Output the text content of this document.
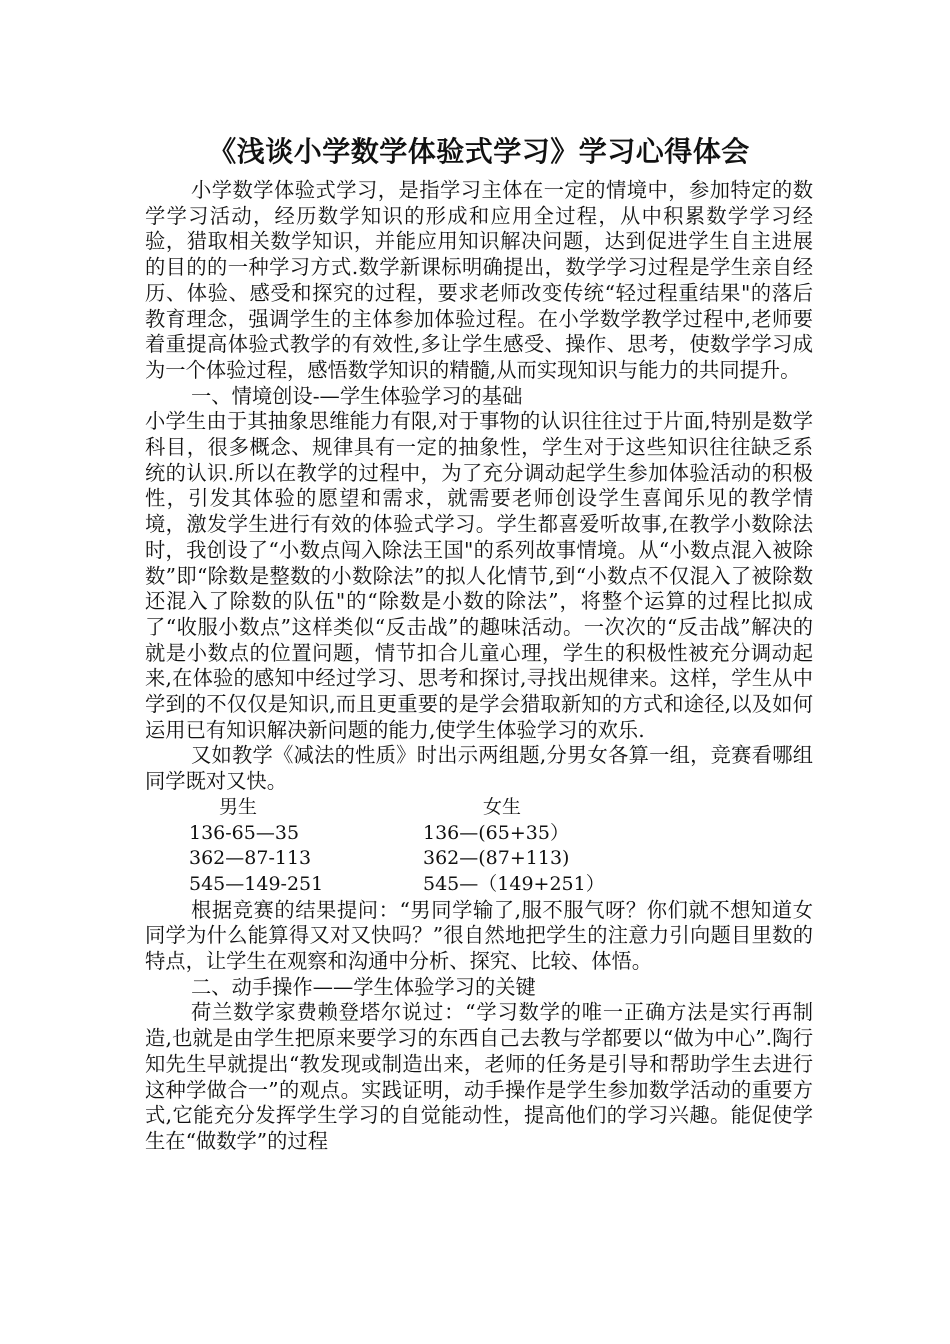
《浅谈小学数学体验式学习》学习心得体会

小学数学体验式学习，是指学习主体在一定的情境中，参加特定的数学学习活动，经历数学知识的形成和应用全过程，从中积累数学学习经验，猎取相关数学知识，并能应用知识解决问题，达到促进学生自主进展的目的的一种学习方式.数学新课标明确提出，数学学习过程是学生亲自经历、体验、感受和探究的过程，要求老师改变传统“轻过程重结果"的落后教育理念，强调学生的主体参加体验过程。在小学数学教学过程中,老师要着重提高体验式教学的有效性,多让学生感受、操作、思考，使数学学习成为一个体验过程，感悟数学知识的精髓,从而实现知识与能力的共同提升。

一、情境创设-—学生体验学习的基础

小学生由于其抽象思维能力有限,对于事物的认识往往过于片面,特别是数学科目，很多概念、规律具有一定的抽象性，学生对于这些知识往往缺乏系统的认识.所以在教学的过程中，为了充分调动起学生参加体验活动的积极性，引发其体验的愿望和需求，就需要老师创设学生喜闻乐见的教学情境，激发学生进行有效的体验式学习。学生都喜爱听故事,在教学小数除法时，我创设了“小数点闯入除法王国"的系列故事情境。从“小数点混入被除数”即“除数是整数的小数除法”的拟人化情节,到“小数点不仅混入了被除数还混入了除数的队伍"的“除数是小数的除法”，将整个运算的过程比拟成了“收服小数点”这样类似“反击战”的趣味活动。一次次的“反击战”解决的就是小数点的位置问题，情节扣合儿童心理，学生的积极性被充分调动起来,在体验的感知中经过学习、思考和探讨,寻找出规律来。这样，学生从中学到的不仅仅是知识,而且更重要的是学会猎取新知的方式和途径,以及如何运用已有知识解决新问题的能力,使学生体验学习的欢乐.

又如教学《减法的性质》时出示两组题,分男女各算一组，竞赛看哪组同学既对又快。

男生	女生
136-65—35	136—(65+35）
362—87-113	362—(87+113)
545—149-251	545—（149+251）

根据竞赛的结果提问：“男同学输了,服不服气呀？你们就不想知道女同学为什么能算得又对又快吗？”很自然地把学生的注意力引向题目里数的特点，让学生在观察和沟通中分析、探究、比较、体悟。

二、动手操作——学生体验学习的关键

荷兰数学家费赖登塔尔说过：“学习数学的唯一正确方法是实行再制造,也就是由学生把原来要学习的东西自己去教与学都要以“做为中心”.陶行知先生早就提出“教发现或制造出来，老师的任务是引导和帮助学生去进行这种学做合一”的观点。实践证明，动手操作是学生参加数学活动的重要方式,它能充分发挥学生学习的自觉能动性，提高他们的学习兴趣。能促使学生在“做数学”的过程
